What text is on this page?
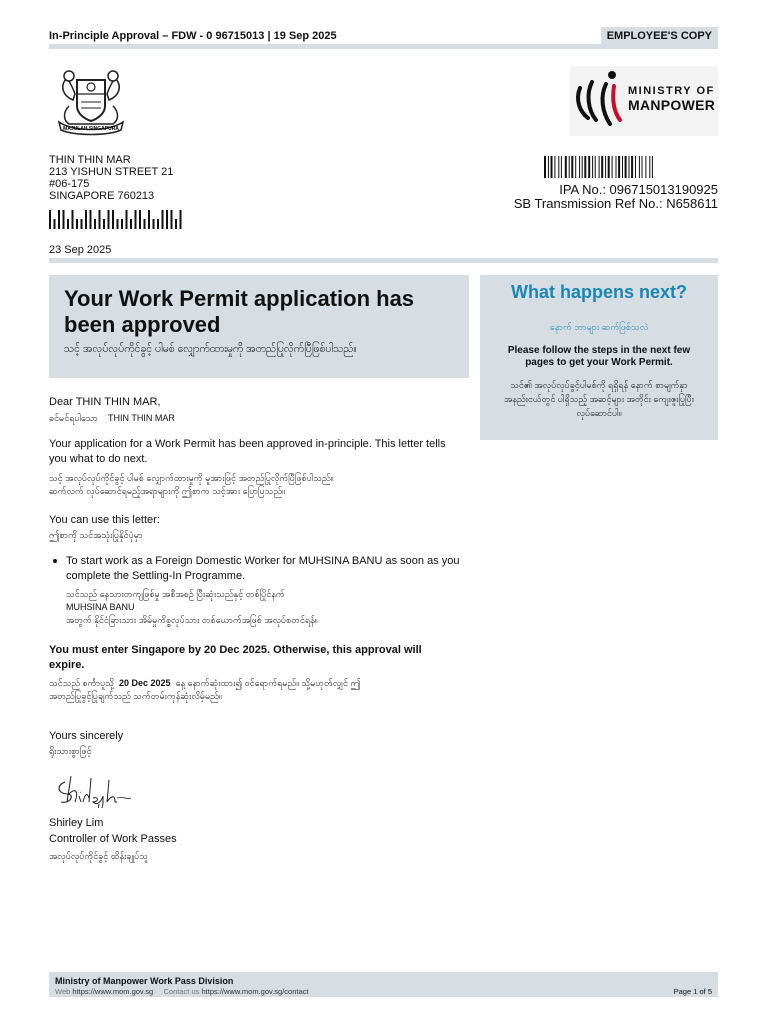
In-Principle Approval – FDW - 0 96715013 | 19 Sep 2025	EMPLOYEE'S COPY
MAJULAH SINGAPURA
MINISTRY OF
MANPOWER
THIN THIN MAR
213 YISHUN STREET 21
#06-175
SINGAPORE 760213
23 Sep 2025
IPA No.: 096715013190925
SB Transmission Ref No.: N658611
Your Work Permit application has been approved
သင့် အလုပ်လုပ်ကိုင်ခွင့် ပါမစ် လျှောက်ထားမှုကို အတည်ပြုလိုက်ပြီဖြစ်ပါသည်။
What happens next?
နောက် ဘာများ ဆက်ဖြစ်သလဲ
Please follow the steps in the next few pages to get your Work Permit.
သင်၏ အလုပ်လုပ်ခွင့်ပါမစ်ကို ရရှိရန် နောက် စာမျက်နှာအနည်းငယ်တွင် ပါရှိသည့် အဆင့်များ အတိုင်း ကျေးဇူးပြုပြီး လုပ်ဆောင်ပါ။
Dear THIN THIN MAR,
ခင်မင်ရပါသော THIN THIN MAR
Your application for a Work Permit has been approved in-principle. This letter tells you what to do next.
သင့် အလုပ်လုပ်ကိုင်ခွင့် ပါမစ် လျှောက်ထားမှုကို မူအားဖြင့် အတည်ပြုလိုက်ပြီဖြစ်ပါသည်။
ဆက်လက် လုပ်ဆောင်ရမည့်အရာများကို ဤစာက သင့်အား ပြောပြသည်။
You can use this letter:
ဤစာကို သင်အသုံးပြုနိုင်ပုံမှာ
To start work as a Foreign Domestic Worker for MUHSINA BANU as soon as you complete the Settling-In Programme.
သင်သည် နေသားတကျဖြစ်မှု အစီအစဉ် ပြီးဆုံးသည်နှင့် တစ်ပြိုင်နက်
MUHSINA BANU
အတွက် နိုင်ငံခြားသား အိမ်မှုကိစ္စလုပ်သား တစ်ယောက်အဖြစ် အလုပ်စတင်ရန်။
You must enter Singapore by 20 Dec 2025. Otherwise, this approval will expire.
သင်သည် စင်္ကာပူသို့ 20 Dec 2025 နေ့ နောက်ဆုံးထား၍ ဝင်ရောက်ရမည်။ သို့မဟုတ်လျှင် ဤ
အတည်ပြုခွင့်ပြုချက်သည် သက်တမ်းကုန်ဆုံးလိမ့်မည်။
Yours sincerely
ရိုးသားစွာဖြင့်
Shirley Lim
Controller of Work Passes
အလုပ်လုပ်ကိုင်ခွင့် ထိန်းချုပ်သူ
Ministry of Manpower Work Pass Division
Web https://www.mom.gov.sg Contact us https://www.mom.gov.sg/contact	Page 1 of 5
